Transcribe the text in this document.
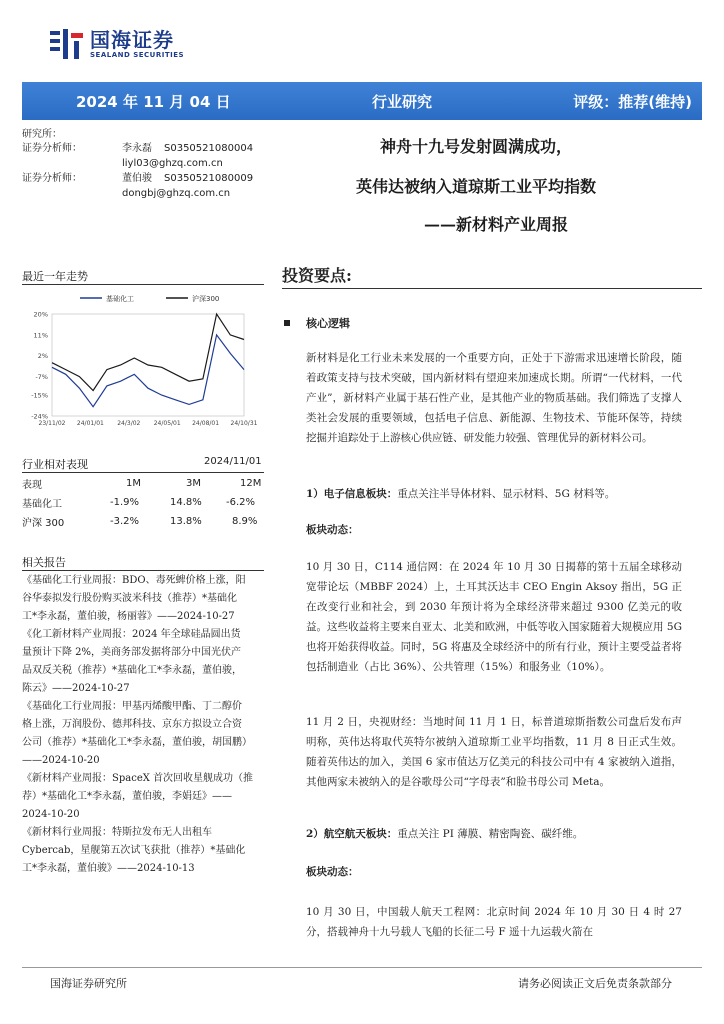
国海证券
SEALAND SECURITIES
2024 年 11 月 04 日	行业研究	评级：推荐(维持)
研究所：
证券分析师：	李永磊 S0350521080004
liyl03@ghzq.com.cn
证券分析师：	董伯骏 S0350521080009
dongbj@ghzq.com.cn
神舟十九号发射圆满成功，
英伟达被纳入道琼斯工业平均指数
——新材料产业周报
最近一年走势
基础化工	沪深300
20%
11%
2%
-7%
-15%
-24%
23/11/02 24/01/01 24/3/02 24/05/01 24/08/01 24/10/31
行业相对表现	2024/11/01
表现	1M	3M	12M
基础化工	-1.9%	14.8% -6.2%
沪深 300	-3.2%	13.8%	8.9%
相关报告
《基础化工行业周报：BDO、毒死蜱价格上涨，阳
谷华泰拟发行股份购买波米科技（推荐）*基础化
工*李永磊，董伯骏，杨丽蓉》——2024-10-27
《化工新材料产业周报：2024 年全球硅晶圆出货
量预计下降 2%，美商务部发据将部分中国光伏产
品双反关税（推荐）*基础化工*李永磊，董伯骏，
陈云》——2024-10-27
《基础化工行业周报：甲基丙烯酸甲酯、丁二醇价
格上涨，万润股份、德邦科技、京东方拟设立合资
公司（推荐）*基础化工*李永磊，董伯骏，胡国鹏）
——2024-10-20
《新材料产业周报：SpaceX 首次回收星舰成功（推
荐）*基础化工*李永磊，董伯骏，李娟廷》——
2024-10-20
《新材料行业周报：特斯拉发布无人出租车
Cybercab，星舰第五次试飞获批（推荐）*基础化
工*李永磊，董伯骏》——2024-10-13
投资要点:
核心逻辑
新材料是化工行业未来发展的一个重要方向，正处于下游需求迅速增长阶段，随着政策支持与技术突破，国内新材料有望迎来加速成长期。所谓“一代材料，一代产业”，新材料产业属于基石性产业，是其他产业的物质基础。我们筛选了支撑人类社会发展的重要领域，包括电子信息、新能源、生物技术、节能环保等，持续挖掘并追踪处于上游核心供应链、研发能力较强、管理优异的新材料公司。
1）电子信息板块：重点关注半导体材料、显示材料、5G 材料等。
板块动态：
10 月 30 日，C114 通信网：在 2024 年 10 月 30 日揭幕的第十五届全球移动宽带论坛（MBBF 2024）上，土耳其沃达丰 CEO Engin Aksoy 指出，5G 正在改变行业和社会，到 2030 年预计将为全球经济带来超过 9300 亿美元的收益。这些收益将主要来自亚太、北美和欧洲，中低等收入国家随着大规模应用 5G 也将开始获得收益。同时，5G 将惠及全球经济中的所有行业，预计主要受益者将包括制造业（占比 36%）、公共管理（15%）和服务业（10%）。
11 月 2 日，央视财经：当地时间 11 月 1 日，标普道琼斯指数公司盘后发布声明称，英伟达将取代英特尔被纳入道琼斯工业平均指数，11 月 8 日正式生效。随着英伟达的加入，美国 6 家市值达万亿美元的科技公司中有 4 家被纳入道指，其他两家未被纳入的是谷歌母公司“字母表”和脸书母公司 Meta。
2）航空航天板块：重点关注 PI 薄膜、精密陶瓷、碳纤维。
板块动态：
10 月 30 日，中国载人航天工程网：北京时间 2024 年 10 月 30 日 4 时 27 分，搭载神舟十九号载人飞船的长征二号 F 遥十九运载火箭在
国海证券研究所	请务必阅读正文后免责条款部分
